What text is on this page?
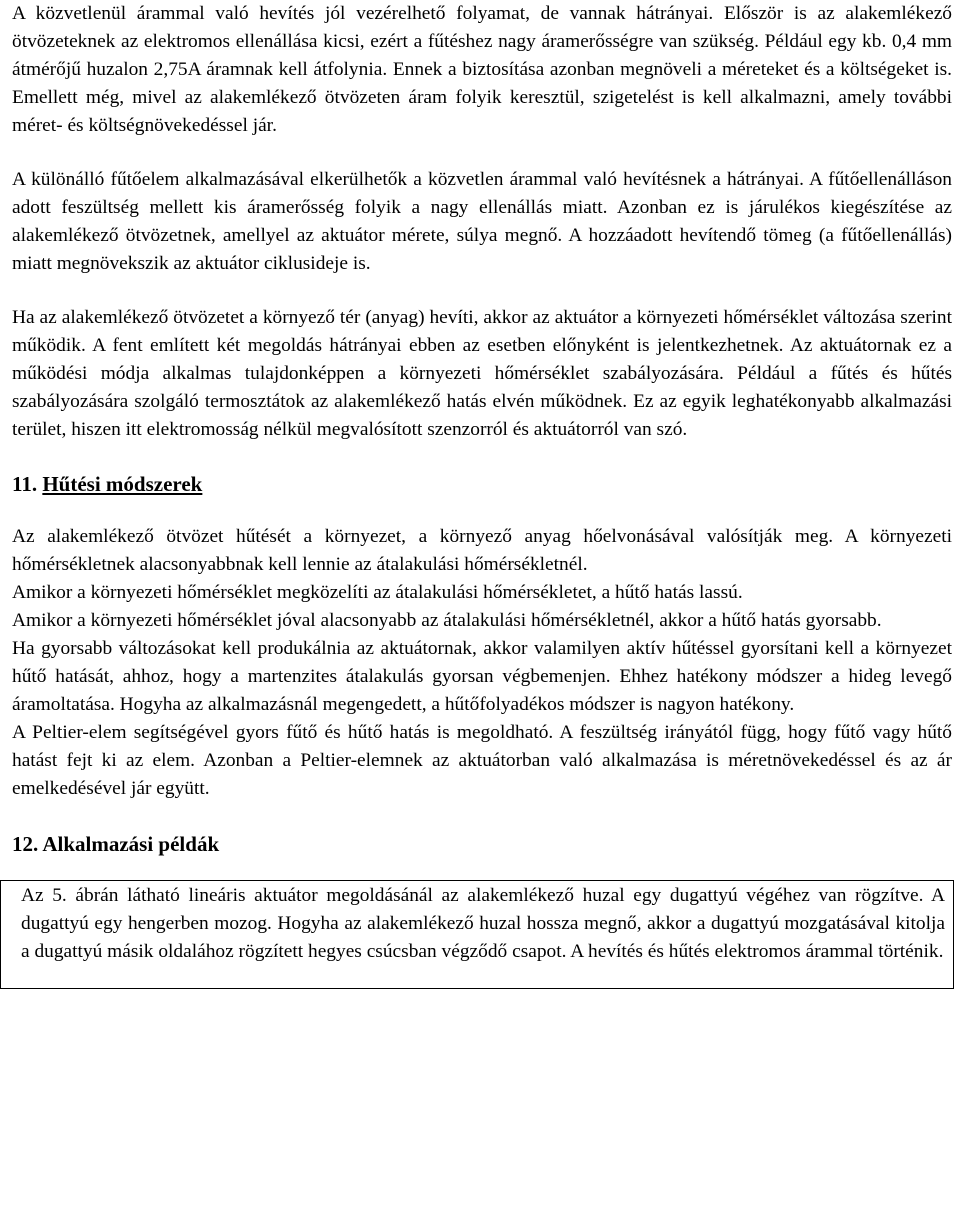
A közvetlenül árammal való hevítés jól vezérelhető folyamat, de vannak hátrányai. Először is az alakemlékező ötvözeteknek az elektromos ellenállása kicsi, ezért a fűtéshez nagy áramerősségre van szükség. Például egy kb. 0,4 mm átmérőjű huzalon 2,75A áramnak kell átfolynia. Ennek a biztosítása azonban megnöveli a méreteket és a költségeket is. Emellett még, mivel az alakemlékező ötvözeten áram folyik keresztül, szigetelést is kell alkalmazni, amely további méret- és költségnövekedéssel jár.

A különálló fűtőelem alkalmazásával elkerülhetők a közvetlen árammal való hevítésnek a hátrányai. A fűtőellenálláson adott feszültség mellett kis áramerősség folyik a nagy ellenállás miatt. Azonban ez is járulékos kiegészítése az alakemlékező ötvözetnek, amellyel az aktuátor mérete, súlya megnő. A hozzáadott hevítendő tömeg (a fűtőellenállás) miatt megnövekszik az aktuátor ciklusideje is.

Ha az alakemlékező ötvözetet a környező tér (anyag) hevíti, akkor az aktuátor a környezeti hőmérséklet változása szerint működik. A fent említett két megoldás hátrányai ebben az esetben előnyként is jelentkezhetnek. Az aktuátornak ez a működési módja alkalmas tulajdonképpen a környezeti hőmérséklet szabályozására. Például a fűtés és hűtés szabályozására szolgáló termosztátok az alakemlékező hatás elvén működnek. Ez az egyik leghatékonyabb alkalmazási terület, hiszen itt elektromosság nélkül megvalósított szenzorról és aktuátorról van szó.

11. Hűtési módszerek

Az alakemlékező ötvözet hűtését a környezet, a környező anyag hőelvonásával valósítják meg. A környezeti hőmérsékletnek alacsonyabbnak kell lennie az átalakulási hőmérsékletnél.

Amikor a környezeti hőmérséklet megközelíti az átalakulási hőmérsékletet, a hűtő hatás lassú.

Amikor a környezeti hőmérséklet jóval alacsonyabb az átalakulási hőmérsékletnél, akkor a hűtő hatás gyorsabb.

Ha gyorsabb változásokat kell produkálnia az aktuátornak, akkor valamilyen aktív hűtéssel gyorsítani kell a környezet hűtő hatását, ahhoz, hogy a martenzites átalakulás gyorsan végbemenjen. Ehhez hatékony módszer a hideg levegő áramoltatása. Hogyha az alkalmazásnál megengedett, a hűtőfolyadékos módszer is nagyon hatékony.

A Peltier-elem segítségével gyors fűtő és hűtő hatás is megoldható. A feszültség irányától függ, hogy fűtő vagy hűtő hatást fejt ki az elem. Azonban a Peltier-elemnek az aktuátorban való alkalmazása is méretnövekedéssel és az ár emelkedésével jár együtt.

12. Alkalmazási példák

Az 5. ábrán látható lineáris aktuátor megoldásánál az alakemlékező huzal egy dugattyú végéhez van rögzítve. A dugattyú egy hengerben mozog. Hogyha az alakemlékező huzal hossza megnő, akkor a dugattyú mozgatásával kitolja a dugattyú másik oldalához rögzített hegyes csúcsban végződő csapot. A hevítés és hűtés elektromos árammal történik.
